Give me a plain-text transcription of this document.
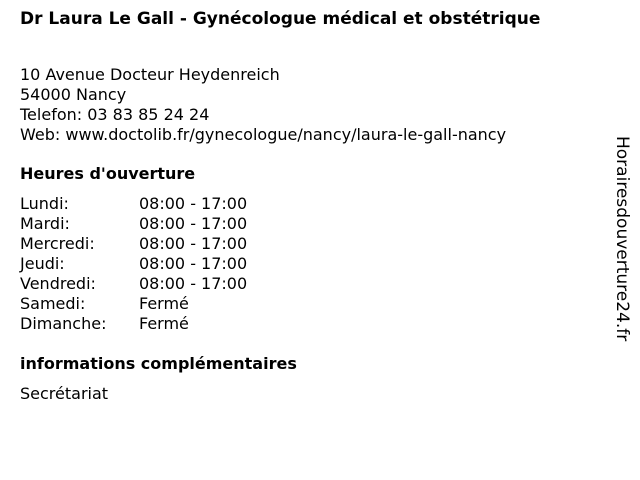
Dr Laura Le Gall - Gynécologue médical et obstétrique
10 Avenue Docteur Heydenreich
54000 Nancy
Telefon: 03 83 85 24 24
Web: www.doctolib.fr/gynecologue/nancy/laura-le-gall-nancy
Heures d'ouverture
Lundi:	08:00 - 17:00
Mardi:	08:00 - 17:00
Mercredi:	08:00 - 17:00
Jeudi:	08:00 - 17:00
Vendredi:	08:00 - 17:00
Samedi:	Fermé
Dimanche:	Fermé
informations complémentaires
Secrétariat
Horairesdouverture24.fr
